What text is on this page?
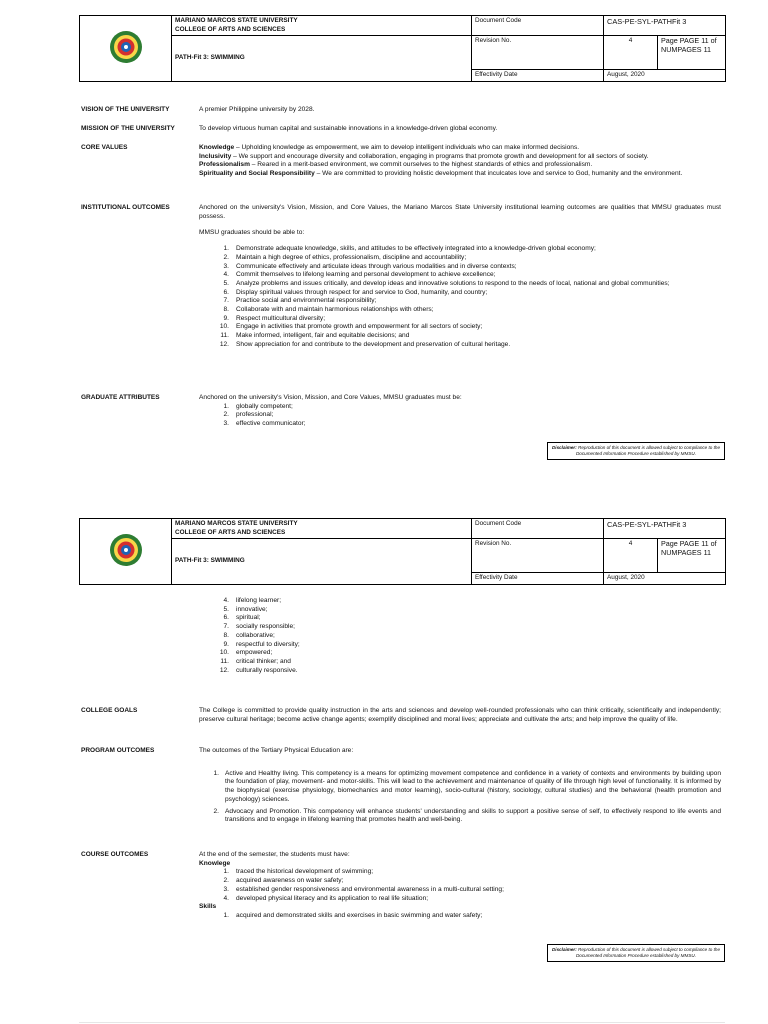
MARIANO MARCOS STATE UNIVERSITY
COLLEGE OF ARTS AND SCIENCES	Document Code	CAS-PE-SYL-PATHFit 3	
	PATH-Fit 3: SWIMMING	Revision No.	4	Page PAGE 11 of NUMPAGES 11
		Effectivity Date	August, 2020	
VISION OF THE UNIVERSITY	A premier Philippine university by 2028.
MISSION OF THE UNIVERSITY	To develop virtuous human capital and sustainable innovations in a knowledge-driven global economy.
CORE VALUES	Knowledge – Upholding knowledge as empowerment, we aim to develop intelligent individuals who can make informed decisions.
Inclusivity – We support and encourage diversity and collaboration, engaging in programs that promote growth and development for all sectors of society.
Professionalism – Reared in a merit-based environment, we commit ourselves to the highest standards of ethics and professionalism.
Spirituality and Social Responsibility – We are committed to providing holistic development that inculcates love and service to God, humanity and the environment.
INSTITUTIONAL OUTCOMES	Anchored on the university's Vision, Mission, and Core Values, the Mariano Marcos State University institutional learning outcomes are qualities that MMSU graduates must possess.
MMSU graduates should be able to:
1. Demonstrate adequate knowledge, skills, and attitudes to be effectively integrated into a knowledge-driven global economy;
2. Maintain a high degree of ethics, professionalism, discipline and accountability;
3. Communicate effectively and articulate ideas through various modalities and in diverse contexts;
4. Commit themselves to lifelong learning and personal development to achieve excellence;
5. Analyze problems and issues critically, and develop ideas and innovative solutions to respond to the needs of local, national and global communities;
6. Display spiritual values through respect for and service to God, humanity, and country;
7. Practice social and environmental responsibility;
8. Collaborate with and maintain harmonious relationships with others;
9. Respect multicultural diversity;
10. Engage in activities that promote growth and empowerment for all sectors of society;
11. Make informed, intelligent, fair and equitable decisions; and
12. Show appreciation for and contribute to the development and preservation of cultural heritage.
GRADUATE ATTRIBUTES	Anchored on the university's Vision, Mission, and Core Values, MMSU graduates must be:
1. globally competent;
2. professional;
3. effective communicator;
Disclaimer: Reproduction of this document is allowed subject to compliance to the Documented Information Procedure established by MMSU.

MARIANO MARCOS STATE UNIVERSITY
COLLEGE OF ARTS AND SCIENCES	Document Code	CAS-PE-SYL-PATHFit 3	
	PATH-Fit 3: SWIMMING	Revision No.	4	Page PAGE 11 of NUMPAGES 11
		Effectivity Date	August, 2020	
4. lifelong learner;
5. innovative;
6. spiritual;
7. socially responsible;
8. collaborative;
9. respectful to diversity;
10. empowered;
11. critical thinker; and
12. culturally responsive.
COLLEGE GOALS	The College is committed to provide quality instruction in the arts and sciences and develop well-rounded professionals who can think critically, scientifically and independently; preserve cultural heritage; become active change agents; exemplify disciplined and moral lives; appreciate and cultivate the arts; and help improve the quality of life.
PROGRAM OUTCOMES	The outcomes of the Tertiary Physical Education are:
1. Active and Healthy living. This competency is a means for optimizing movement competence and confidence in a variety of contexts and environments by building upon the foundation of play, movement- and motor-skills. This will lead to the achievement and maintenance of quality of life through high level of functionality. It is informed by the biophysical (exercise physiology, biomechanics and motor learning), socio-cultural (history, sociology, cultural studies) and the behavioral (health promotion and psychology) sciences.
2. Advocacy and Promotion. This competency will enhance students' understanding and skills to support a positive sense of self, to effectively respond to life events and transitions and to engage in lifelong learning that promotes health and well-being.
COURSE OUTCOMES	At the end of the semester, the students must have:
Knowlege
1. traced the historical development of swimming;
2. acquired awareness on water safety;
3. established gender responsiveness and environmental awareness in a multi-cultural setting;
4. developed physical literacy and its application to real life situation;
Skills
1. acquired and demonstrated skills and exercises in basic swimming and water safety;
Disclaimer: Reproduction of this document is allowed subject to compliance to the Documented Information Procedure established by MMSU.
